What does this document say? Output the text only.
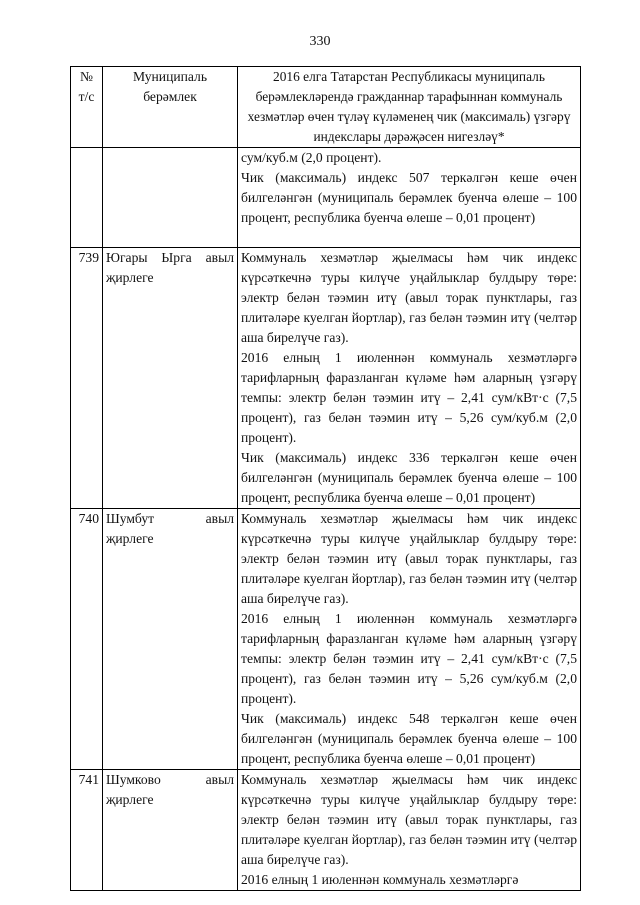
330
№ т/с	Муниципаль берәмлек	2016 елга Татарстан Республикасы муниципаль берәмлекләрендә гражданнар тарафыннан коммуналь хезмәтләр өчен түләү күләменең чик (максималь) үзгәрү индекслары дәрәҗәсен нигезләү*

		сум/куб.м (2,0 процент).
Чик (максималь) индекс 507 теркәлгән кеше өчен билгеләнгән (муниципаль берәмлек буенча өлеше – 100 процент, республика буенча өлеше – 0,01 процент)

739	Югары Ырга авыл җирлеге	Коммуналь хезмәтләр җыелмасы һәм чик индекс күрсәткечнә туры килүче уңайлыклар булдыру төре: электр белән тәэмин итү (авыл торак пунктлары, газ плитәләре куелган йортлар), газ белән тәэмин итү (челтәр аша бирелүче газ).
2016 елның 1 июленнән коммуналь хезмәтләргә тарифларның фаразланган күләме һәм аларның үзгәрү темпы: электр белән тәэмин итү – 2,41 сум/кВт·с (7,5 процент), газ белән тәэмин итү – 5,26 сум/куб.м (2,0 процент).
Чик (максималь) индекс 336 теркәлгән кеше өчен билгеләнгән (муниципаль берәмлек буенча өлеше – 100 процент, республика буенча өлеше – 0,01 процент)

740	Шумбут авыл җирлеге	Коммуналь хезмәтләр җыелмасы һәм чик индекс күрсәткечнә туры килүче уңайлыклар булдыру төре: электр белән тәэмин итү (авыл торак пунктлары, газ плитәләре куелган йортлар), газ белән тәэмин итү (челтәр аша бирелүче газ).
2016 елның 1 июленнән коммуналь хезмәтләргә тарифларның фаразланган күләме һәм аларның үзгәрү темпы: электр белән тәэмин итү – 2,41 сум/кВт·с (7,5 процент), газ белән тәэмин итү – 5,26 сум/куб.м (2,0 процент).
Чик (максималь) индекс 548 теркәлгән кеше өчен билгеләнгән (муниципаль берәмлек буенча өлеше – 100 процент, республика буенча өлеше – 0,01 процент)

741	Шумково авыл җирлеге	Коммуналь хезмәтләр җыелмасы һәм чик индекс күрсәткечнә туры килүче уңайлыклар булдыру төре: электр белән тәэмин итү (авыл торак пунктлары, газ плитәләре куелган йортлар), газ белән тәэмин итү (челтәр аша бирелүче газ).
2016 елның 1 июленнән коммуналь хезмәтләргә
